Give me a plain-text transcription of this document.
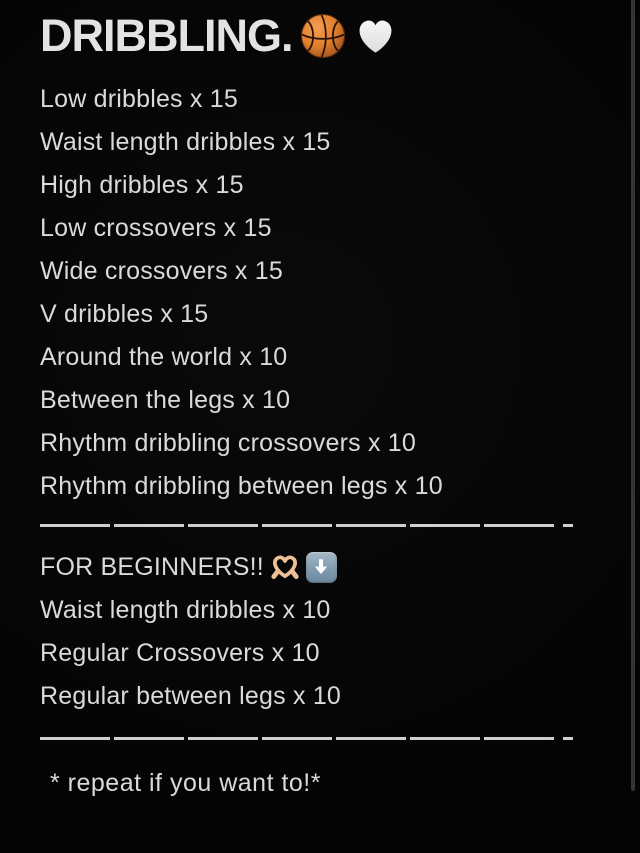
DRIBBLING.
Low dribbles x 15
Waist length dribbles x 15
High dribbles x 15
Low crossovers x 15
Wide crossovers x 15
V dribbles x 15
Around the world x 10
Between the legs x 10
Rhythm dribbling crossovers x 10
Rhythm dribbling between legs x 10
FOR BEGINNERS!!
Waist length dribbles x 10
Regular Crossovers x 10
Regular between legs x 10
* repeat if you want to!*
